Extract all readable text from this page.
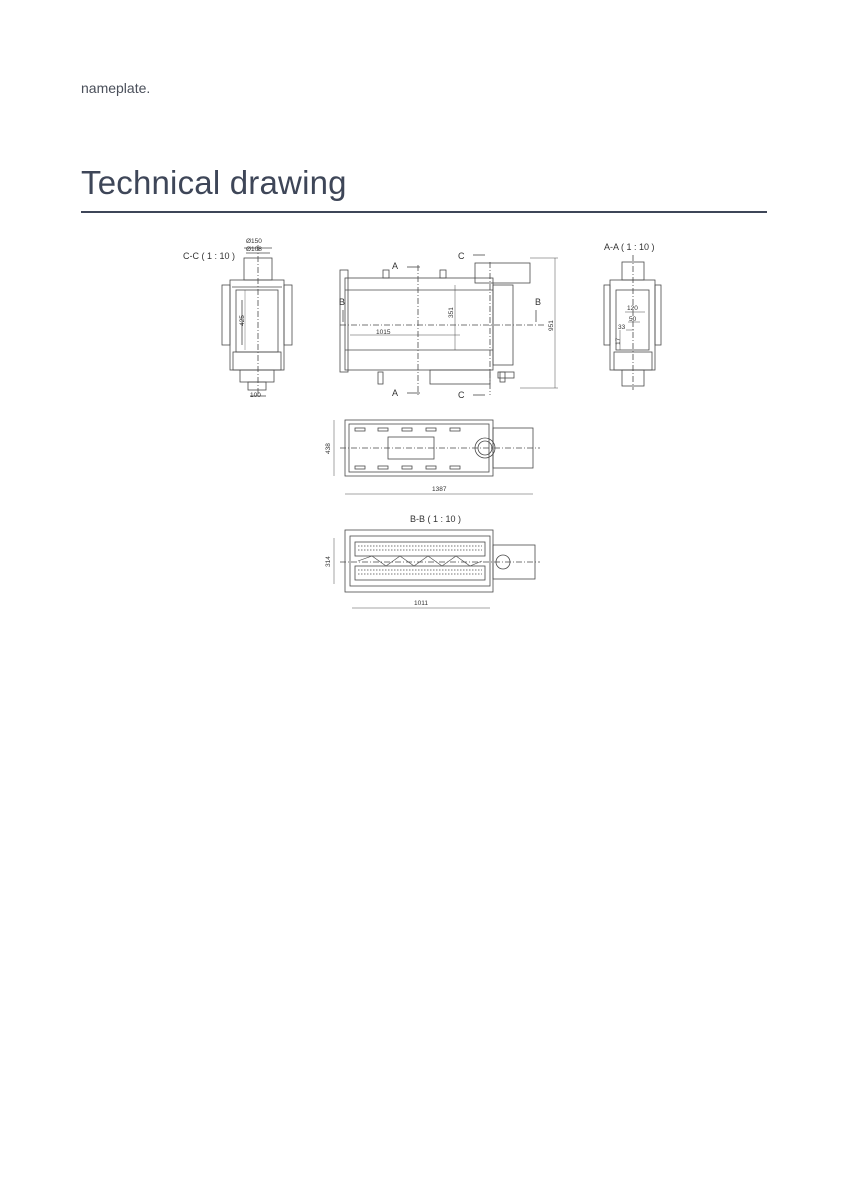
nameplate.
Technical drawing
C-C ( 1 : 10 )
Ø150
Ø108
425
100
A
A
C
C
B	B
1015
351
951
A-A ( 1 : 10 )
120
50
33
17
438
1387
B-B ( 1 : 10 )
314
1011
